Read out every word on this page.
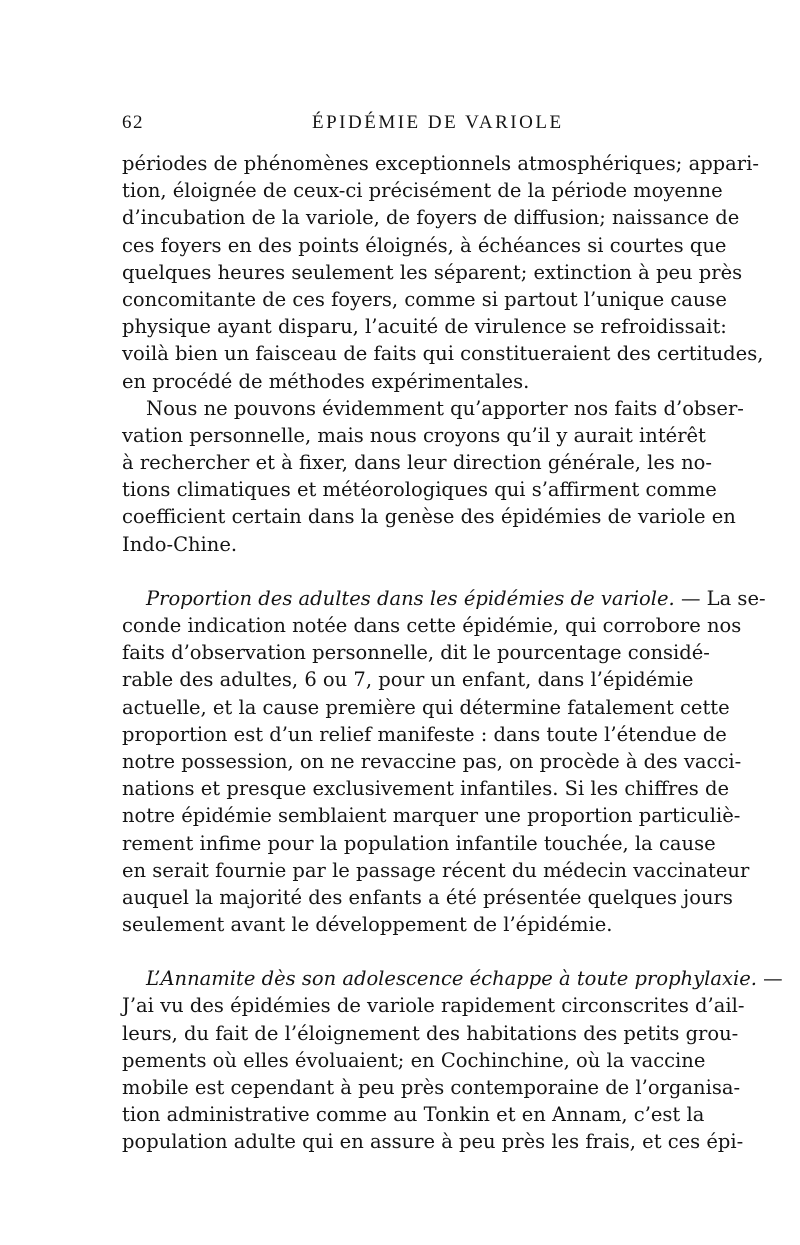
62	ÉPIDÉMIE DE VARIOLE
périodes de phénomènes exceptionnels atmosphériques; appari-
tion, éloignée de ceux-ci précisément de la période moyenne
d’incubation de la variole, de foyers de diffusion; naissance de
ces foyers en des points éloignés, à échéances si courtes que
quelques heures seulement les séparent; extinction à peu près
concomitante de ces foyers, comme si partout l’unique cause
physique ayant disparu, l’acuité de virulence se refroidissait:
voilà bien un faisceau de faits qui constitueraient des certitudes,
en procédé de méthodes expérimentales.
Nous ne pouvons évidemment qu’apporter nos faits d’obser-
vation personnelle, mais nous croyons qu’il y aurait intérêt
à rechercher et à fixer, dans leur direction générale, les no-
tions climatiques et météorologiques qui s’affirment comme
coefficient certain dans la genèse des épidémies de variole en
Indo-Chine.
Proportion des adultes dans les épidémies de variole. — La se-
conde indication notée dans cette épidémie, qui corrobore nos
faits d’observation personnelle, dit le pourcentage considé-
rable des adultes, 6 ou 7, pour un enfant, dans l’épidémie
actuelle, et la cause première qui détermine fatalement cette
proportion est d’un relief manifeste : dans toute l’étendue de
notre possession, on ne revaccine pas, on procède à des vacci-
nations et presque exclusivement infantiles. Si les chiffres de
notre épidémie semblaient marquer une proportion particuliè-
rement infime pour la population infantile touchée, la cause
en serait fournie par le passage récent du médecin vaccinateur
auquel la majorité des enfants a été présentée quelques jours
seulement avant le développement de l’épidémie.
L’Annamite dès son adolescence échappe à toute prophylaxie. —
J’ai vu des épidémies de variole rapidement circonscrites d’ail-
leurs, du fait de l’éloignement des habitations des petits grou-
pements où elles évoluaient; en Cochinchine, où la vaccine
mobile est cependant à peu près contemporaine de l’organisa-
tion administrative comme au Tonkin et en Annam, c’est la
population adulte qui en assure à peu près les frais, et ces épi-
